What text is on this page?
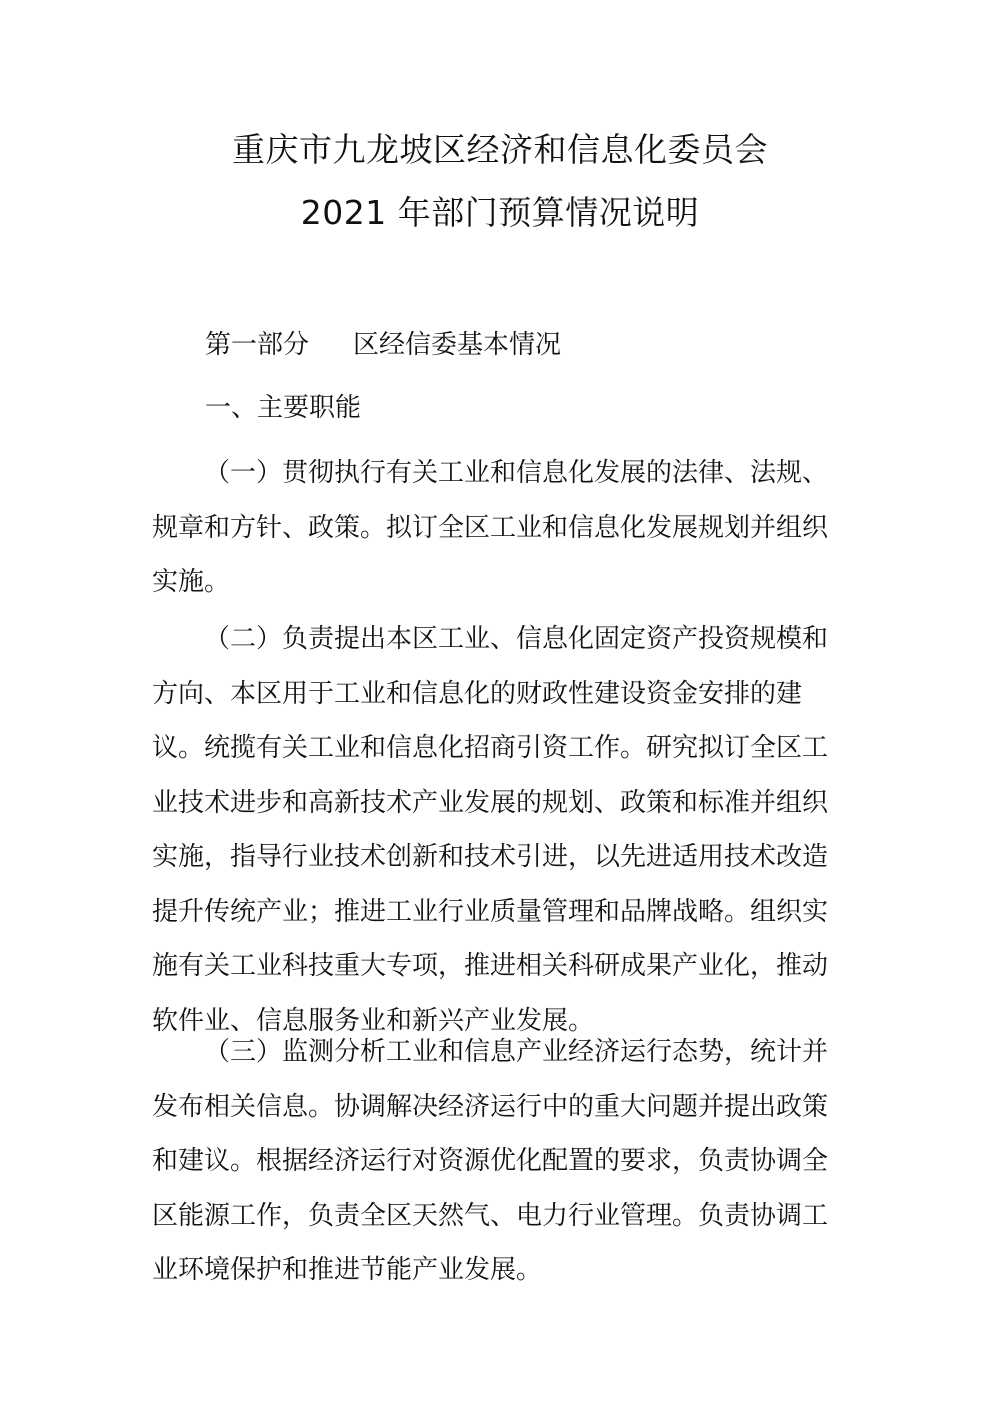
重庆市九龙坡区经济和信息化委员会
2021 年部门预算情况说明
第一部分 区经信委基本情况
一、主要职能
（一）贯彻执行有关工业和信息化发展的法律、法规、
规章和方针、政策。拟订全区工业和信息化发展规划并组织
实施。
（二）负责提出本区工业、信息化固定资产投资规模和
方向、本区用于工业和信息化的财政性建设资金安排的建
议。统揽有关工业和信息化招商引资工作。研究拟订全区工
业技术进步和高新技术产业发展的规划、政策和标准并组织
实施，指导行业技术创新和技术引进，以先进适用技术改造
提升传统产业；推进工业行业质量管理和品牌战略。组织实
施有关工业科技重大专项，推进相关科研成果产业化，推动
软件业、信息服务业和新兴产业发展。
（三）监测分析工业和信息产业经济运行态势，统计并
发布相关信息。协调解决经济运行中的重大问题并提出政策
和建议。根据经济运行对资源优化配置的要求，负责协调全
区能源工作，负责全区天然气、电力行业管理。负责协调工
业环境保护和推进节能产业发展。
